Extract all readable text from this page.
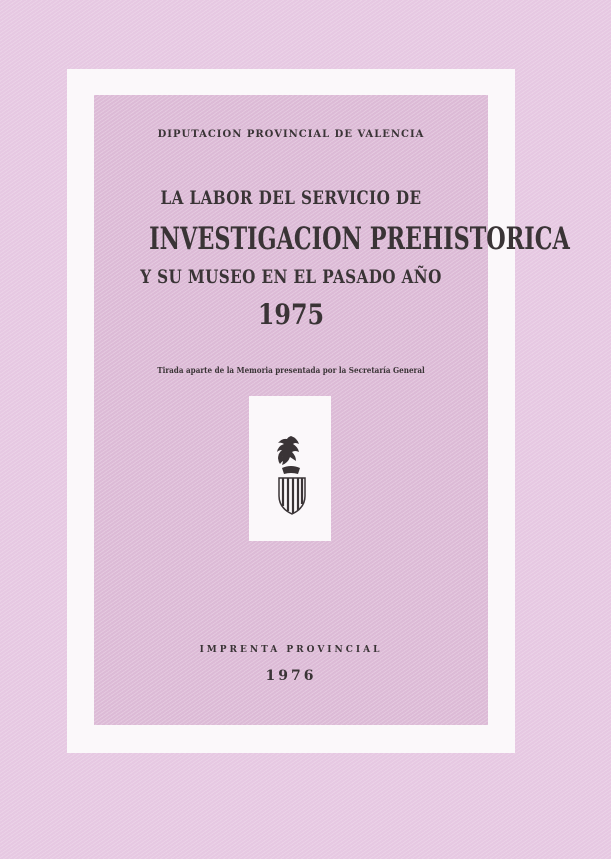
DIPUTACION PROVINCIAL DE VALENCIA
LA LABOR DEL SERVICIO DE
INVESTIGACION PREHISTORICA
Y SU MUSEO EN EL PASADO AÑO
1975
Tirada aparte de la Memoria presentada por la Secretaría General
IMPRENTA PROVINCIAL
1976
